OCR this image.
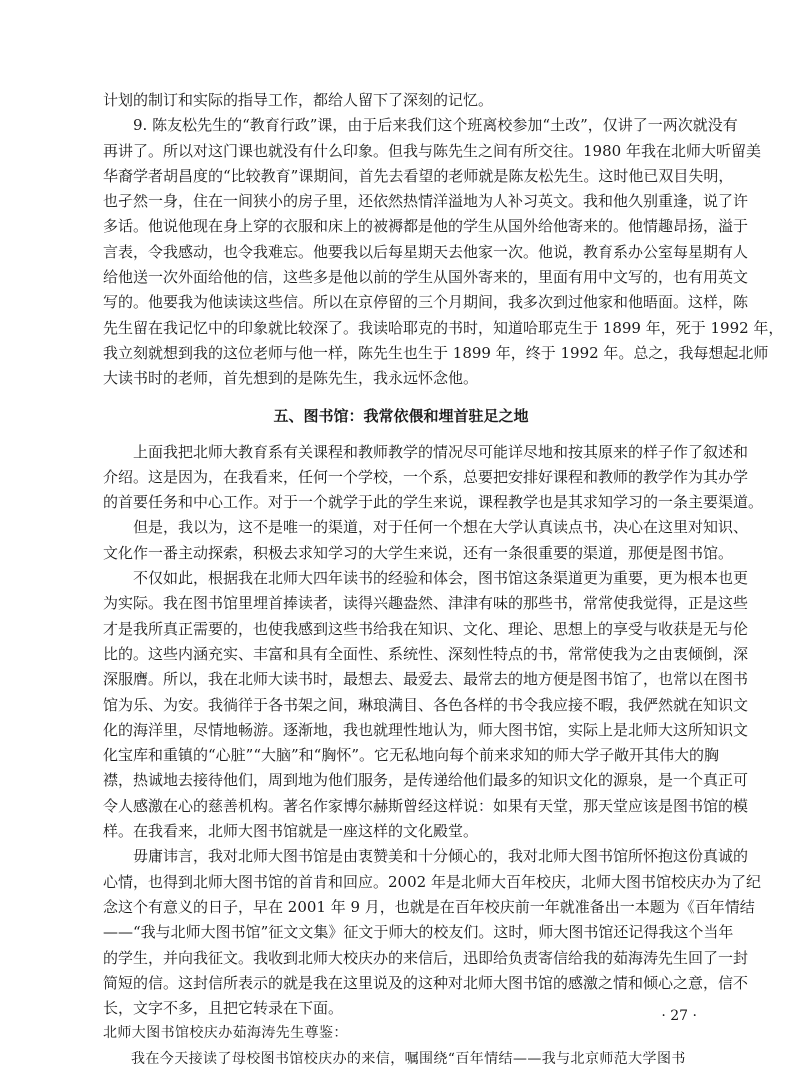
计划的制订和实际的指导工作，都给人留下了深刻的记忆。
9. 陈友松先生的“教育行政”课，由于后来我们这个班离校参加“土改”，仅讲了一两次就没有
再讲了。所以对这门课也就没有什么印象。但我与陈先生之间有所交往。1980 年我在北师大听留美
华裔学者胡昌度的“比较教育”课期间，首先去看望的老师就是陈友松先生。这时他已双目失明，
也孑然一身，住在一间狭小的房子里，还依然热情洋溢地为人补习英文。我和他久别重逢，说了许
多话。他说他现在身上穿的衣服和床上的被褥都是他的学生从国外给他寄来的。他情趣昂扬，溢于
言表，令我感动，也令我难忘。他要我以后每星期天去他家一次。他说，教育系办公室每星期有人
给他送一次外面给他的信，这些多是他以前的学生从国外寄来的，里面有用中文写的，也有用英文
写的。他要我为他读读这些信。所以在京停留的三个月期间，我多次到过他家和他晤面。这样，陈
先生留在我记忆中的印象就比较深了。我读哈耶克的书时，知道哈耶克生于 1899 年，死于 1992 年，
我立刻就想到我的这位老师与他一样，陈先生也生于 1899 年，终于 1992 年。总之，我每想起北师
大读书时的老师，首先想到的是陈先生，我永远怀念他。
五、图书馆：我常依偎和埋首驻足之地
上面我把北师大教育系有关课程和教师教学的情况尽可能详尽地和按其原来的样子作了叙述和
介绍。这是因为，在我看来，任何一个学校，一个系，总要把安排好课程和教师的教学作为其办学
的首要任务和中心工作。对于一个就学于此的学生来说，课程教学也是其求知学习的一条主要渠道。
但是，我以为，这不是唯一的渠道，对于任何一个想在大学认真读点书，决心在这里对知识、
文化作一番主动探索，积极去求知学习的大学生来说，还有一条很重要的渠道，那便是图书馆。
不仅如此，根据我在北师大四年读书的经验和体会，图书馆这条渠道更为重要，更为根本也更
为实际。我在图书馆里埋首捧读者，读得兴趣盎然、津津有味的那些书，常常使我觉得，正是这些
才是我所真正需要的，也使我感到这些书给我在知识、文化、理论、思想上的享受与收获是无与伦
比的。这些内涵充实、丰富和具有全面性、系统性、深刻性特点的书，常常使我为之由衷倾倒，深
深服膺。所以，我在北师大读书时，最想去、最爱去、最常去的地方便是图书馆了，也常以在图书
馆为乐、为安。我徜徉于各书架之间，琳琅满目、各色各样的书令我应接不暇，我俨然就在知识文
化的海洋里，尽情地畅游。逐渐地，我也就理性地认为，师大图书馆，实际上是北师大这所知识文
化宝库和重镇的“心脏”“大脑”和“胸怀”。它无私地向每个前来求知的师大学子敞开其伟大的胸
襟，热诚地去接待他们，周到地为他们服务，是传递给他们最多的知识文化的源泉，是一个真正可
令人感激在心的慈善机构。著名作家博尔赫斯曾经这样说：如果有天堂，那天堂应该是图书馆的模
样。在我看来，北师大图书馆就是一座这样的文化殿堂。
毋庸讳言，我对北师大图书馆是由衷赞美和十分倾心的，我对北师大图书馆所怀抱这份真诚的
心情，也得到北师大图书馆的首肯和回应。2002 年是北师大百年校庆，北师大图书馆校庆办为了纪
念这个有意义的日子，早在 2001 年 9 月，也就是在百年校庆前一年就准备出一本题为《百年情结
——“我与北师大图书馆”征文文集》征文于师大的校友们。这时，师大图书馆还记得我这个当年
的学生，并向我征文。我收到北师大校庆办的来信后，迅即给负责寄信给我的茹海涛先生回了一封
简短的信。这封信所表示的就是我在这里说及的这种对北师大图书馆的感激之情和倾心之意，信不
长，文字不多，且把它转录在下面。
北师大图书馆校庆办茹海涛先生尊鉴：
我在今天接读了母校图书馆校庆办的来信，嘱围绕“百年情结——我与北京师范大学图书
· 27 ·
